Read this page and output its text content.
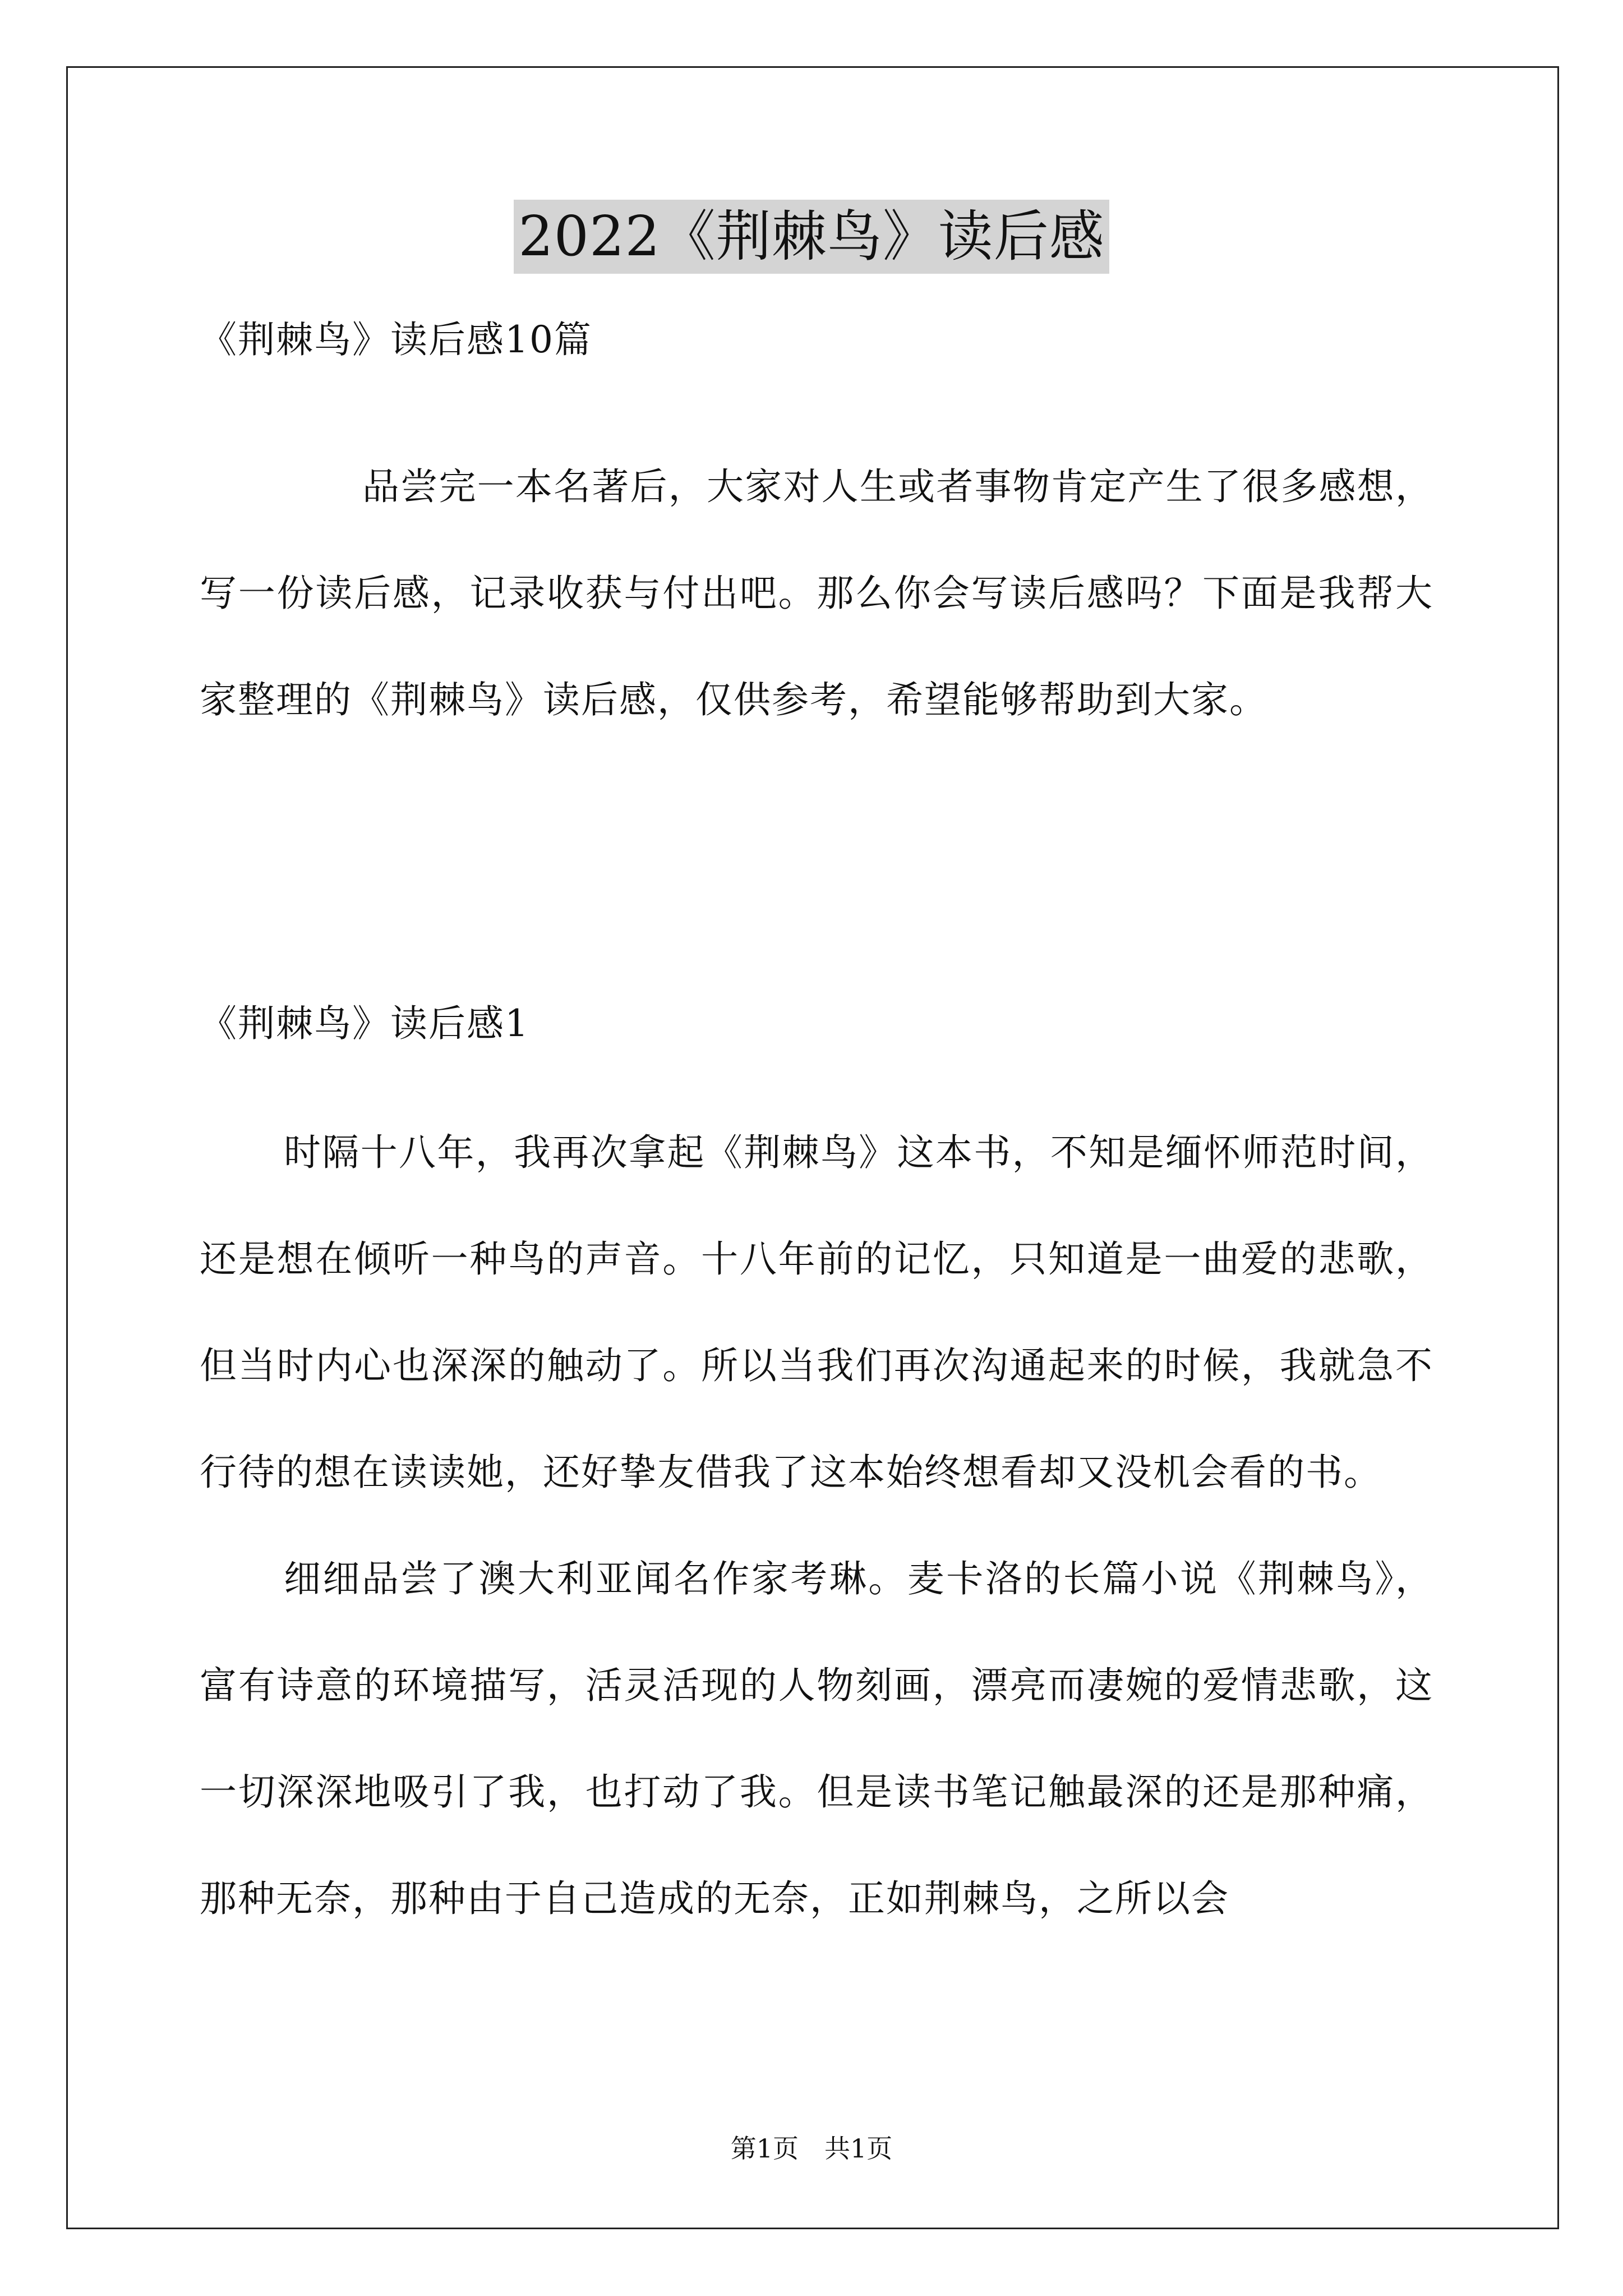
2022《荆棘鸟》读后感
《荆棘鸟》读后感10篇

品尝完一本名著后，大家对人生或者事物肯定产生了很多感想，写一份读后感，记录收获与付出吧。那么你会写读后感吗？下面是我帮大家整理的《荆棘鸟》读后感，仅供参考，希望能够帮助到大家。

《荆棘鸟》读后感1

时隔十八年，我再次拿起《荆棘鸟》这本书，不知是缅怀师范时间，还是想在倾听一种鸟的声音。十八年前的记忆，只知道是一曲爱的悲歌，但当时内心也深深的触动了。所以当我们再次沟通起来的时候，我就急不行待的想在读读她，还好挚友借我了这本始终想看却又没机会看的书。

细细品尝了澳大利亚闻名作家考琳。麦卡洛的长篇小说《荆棘鸟》，富有诗意的环境描写，活灵活现的人物刻画，漂亮而凄婉的爱情悲歌，这一切深深地吸引了我，也打动了我。但是读书笔记触最深的还是那种痛，那种无奈，那种由于自己造成的无奈，正如荆棘鸟，之所以会

第1页　共1页
